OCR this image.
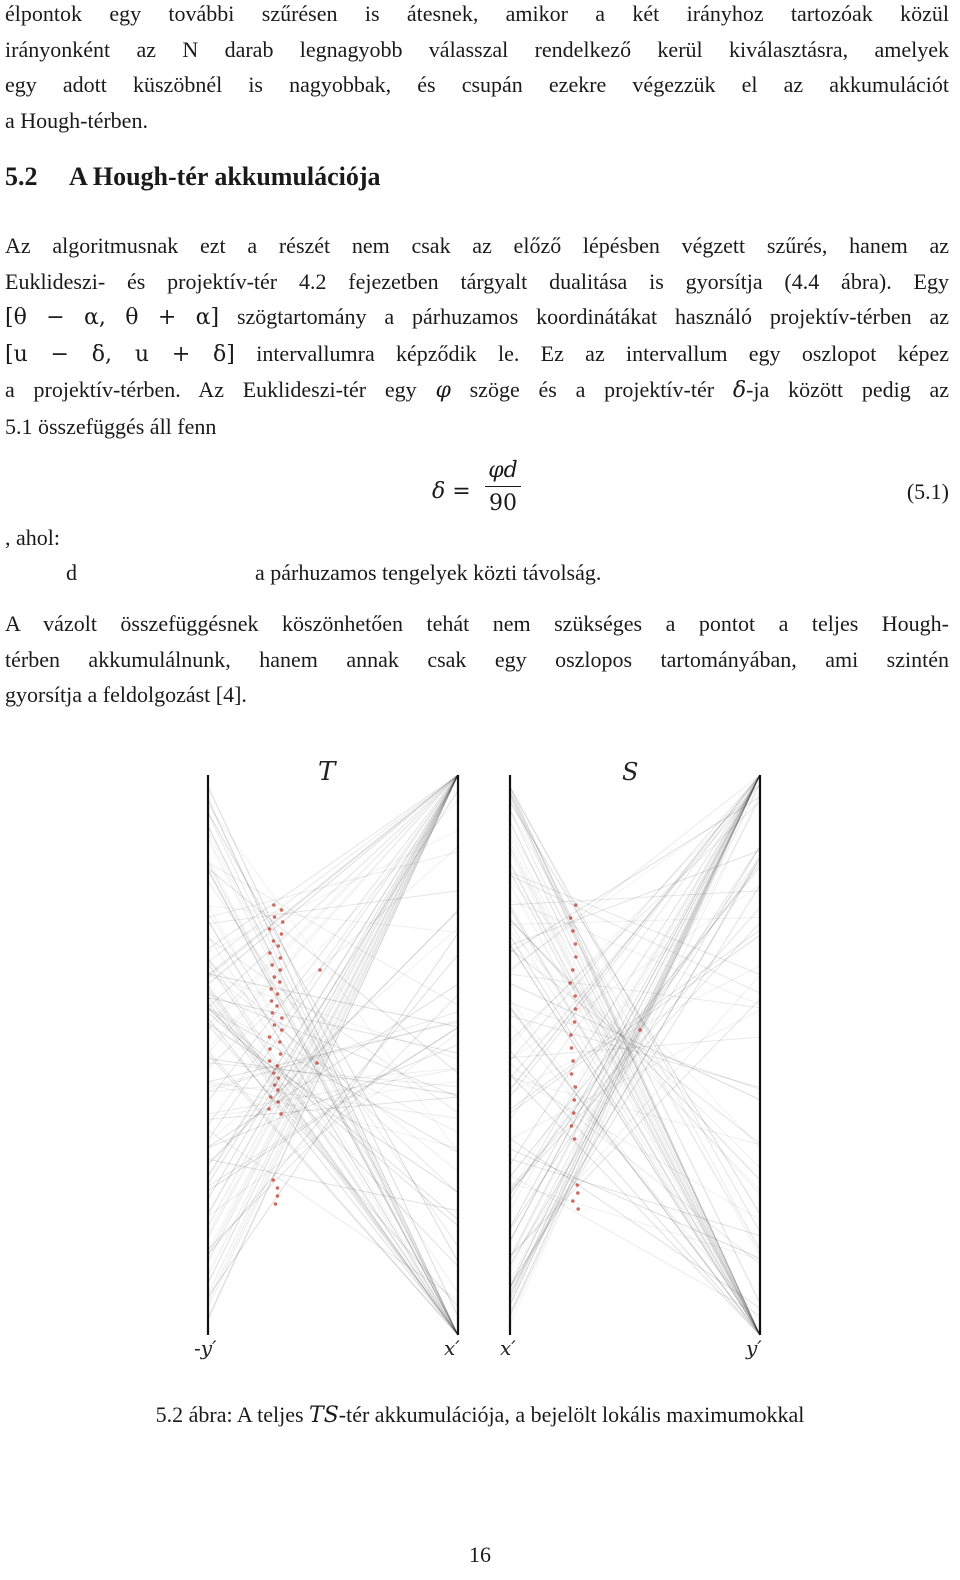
élpontok egy további szűrésen is átesnek, amikor a két irányhoz tartozóak közül
irányonként az N darab legnagyobb válasszal rendelkező kerül kiválasztásra, amelyek
egy adott küszöbnél is nagyobbak, és csupán ezekre végezzük el az akkumulációt
a Hough-térben.
5.2 A Hough-tér akkumulációja
Az algoritmusnak ezt a részét nem csak az előző lépésben végzett szűrés, hanem az
Euklideszi- és projektív-tér 4.2 fejezetben tárgyalt dualitása is gyorsítja (4.4 ábra). Egy
[θ − α, θ + α] szögtartomány a párhuzamos koordinátákat használó projektív-térben az
[u − δ, u + δ] intervallumra képződik le. Ez az intervallum egy oszlopot képez
a projektív-térben. Az Euklideszi-tér egy φ szöge és a projektív-tér δ-ja között pedig az
5.1 összefüggés áll fenn
δ =
φd
90	(5.1)
, ahol:
d	a párhuzamos tengelyek közti távolság.
A vázolt összefüggésnek köszönhetően tehát nem szükséges a pontot a teljes Hough-
térben akkumulálnunk, hanem annak csak egy oszlopos tartományában, ami szintén
gyorsítja a feldolgozást [4].
T	S
-y′	x′ x′	y′
5.2 ábra: A teljes TS-tér akkumulációja, a bejelölt lokális maximumokkal
16
